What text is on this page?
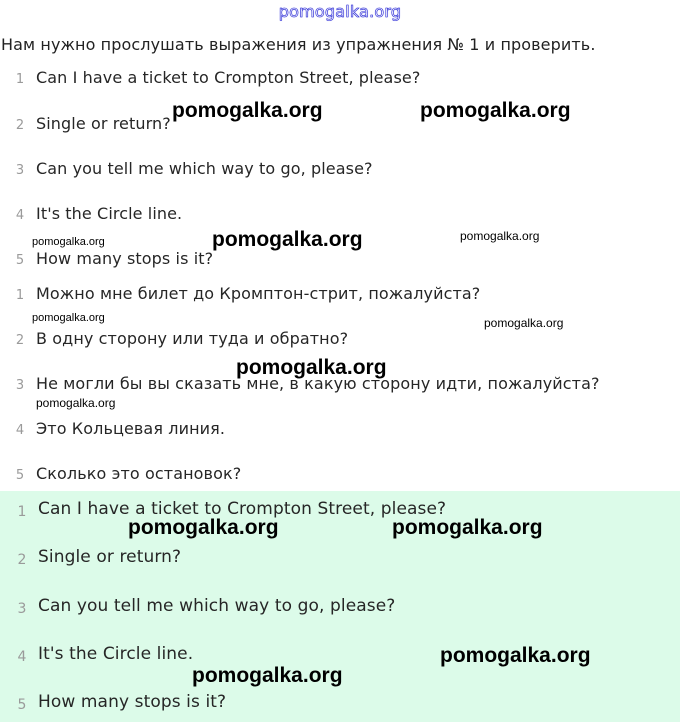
pomogalka.org
Нам нужно прослушать выражения из упражнения № 1 и проверить.
1 Can I have a ticket to Crompton Street, please?
2 Single or return?
3 Can you tell me which way to go, please?
4 It's the Circle line.
5 How many stops is it?
1 Можно мне билет до Кромптон-стрит, пожалуйста?
2 В одну сторону или туда и обратно?
3 Не могли бы вы сказать мне, в какую сторону идти, пожалуйста?
4 Это Кольцевая линия.
5 Сколько это остановок?
1 Can I have a ticket to Crompton Street, please?
2 Single or return?
3 Can you tell me which way to go, please?
4 It's the Circle line.
5 How many stops is it?
pomogalka.org	pomogalka.org
pomogalka.org	pomogalka.org	pomogalka.org
pomogalka.org	pomogalka.org
pomogalka.org
pomogalka.org
pomogalka.org	pomogalka.org
pomogalka.org
pomogalka.org
